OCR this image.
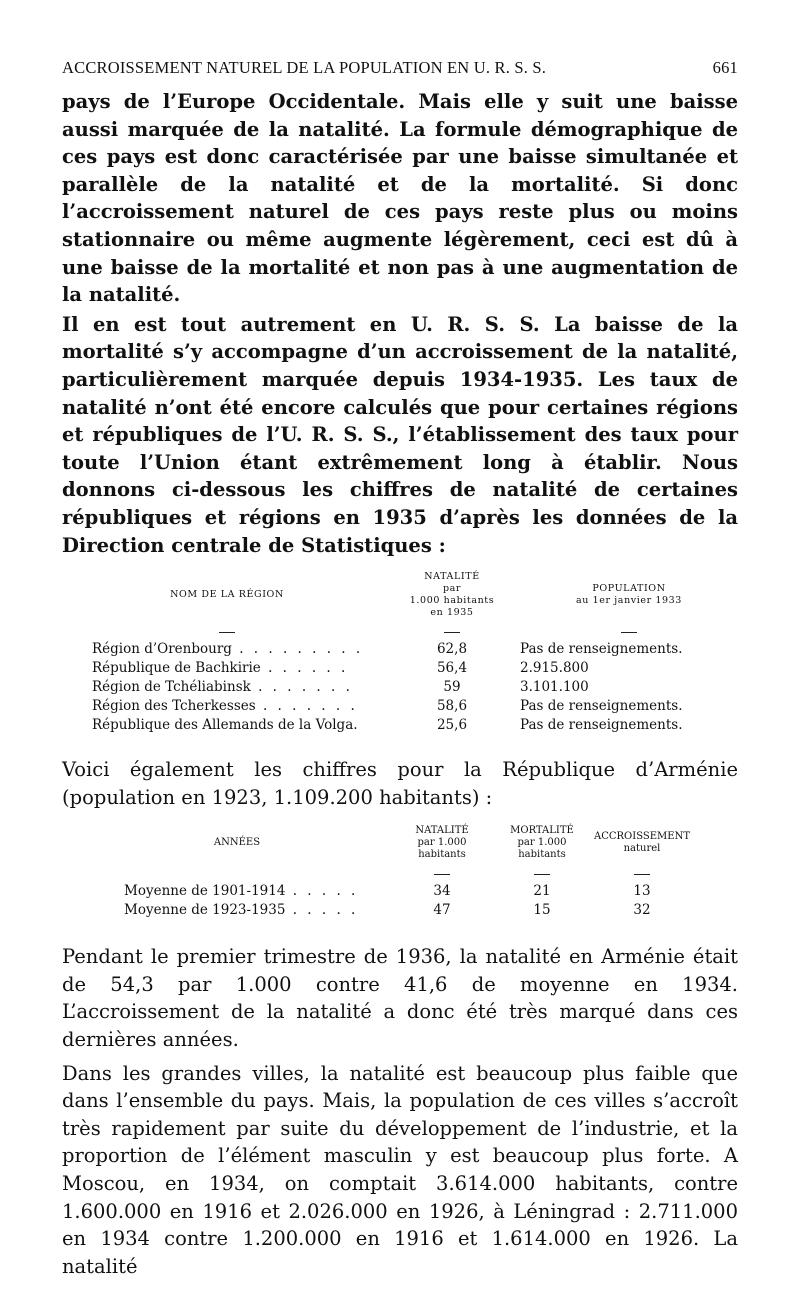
ACCROISSEMENT NATUREL DE LA POPULATION EN U. R. S. S.	661

pays de l’Europe Occidentale. Mais elle y suit une baisse aussi marquée de la natalité. La formule démographique de ces pays est donc caractérisée par une baisse simultanée et parallèle de la natalité et de la mortalité. Si donc l’accroissement naturel de ces pays reste plus ou moins stationnaire ou même augmente légèrement, ceci est dû à une baisse de la mortalité et non pas à une augmentation de la natalité.

Il en est tout autrement en U. R. S. S. La baisse de la mortalité s’y accompagne d’un accroissement de la natalité, particulièrement marquée depuis 1934-1935. Les taux de natalité n’ont été encore calculés que pour certaines régions et républiques de l’U. R. S. S., l’établissement des taux pour toute l’Union étant extrêmement long à établir. Nous donnons ci-dessous les chiffres de natalité de certaines républiques et régions en 1935 d’après les données de la Direction centrale de Statistiques :

NOM DE LA RÉGION
NATALITÉ
par
1.000 habitants
en 1935
POPULATION
au 1er janvier 1933
Région d’Orenbourg . . . . . . . . .	62,8	Pas de renseignements.
République de Bachkirie . . . . . .	56,4	2.915.800
Région de Tchéliabinsk . . . . . . .	59	3.101.100
Région des Tcherkesses . . . . . . .	58,6	Pas de renseignements.
République des Allemands de la Volga.	25,6	Pas de renseignements.

Voici également les chiffres pour la République d’Arménie (population en 1923, 1.109.200 habitants) :

ANNÉES
NATALITÉ
par 1.000
habitants
MORTALITÉ
par 1.000
habitants
ACCROISSEMENT
naturel
Moyenne de 1901-1914 . . . . .	34	21	13
Moyenne de 1923-1935 . . . . .	47	15	32

Pendant le premier trimestre de 1936, la natalité en Arménie était de 54,3 par 1.000 contre 41,6 de moyenne en 1934. L’accroissement de la natalité a donc été très marqué dans ces dernières années.

Dans les grandes villes, la natalité est beaucoup plus faible que dans l’ensemble du pays. Mais, la population de ces villes s’accroît très rapidement par suite du développement de l’industrie, et la proportion de l’élément masculin y est beaucoup plus forte. A Moscou, en 1934, on comptait 3.614.000 habitants, contre 1.600.000 en 1916 et 2.026.000 en 1926, à Léningrad : 2.711.000 en 1934 contre 1.200.000 en 1916 et 1.614.000 en 1926. La natalité
